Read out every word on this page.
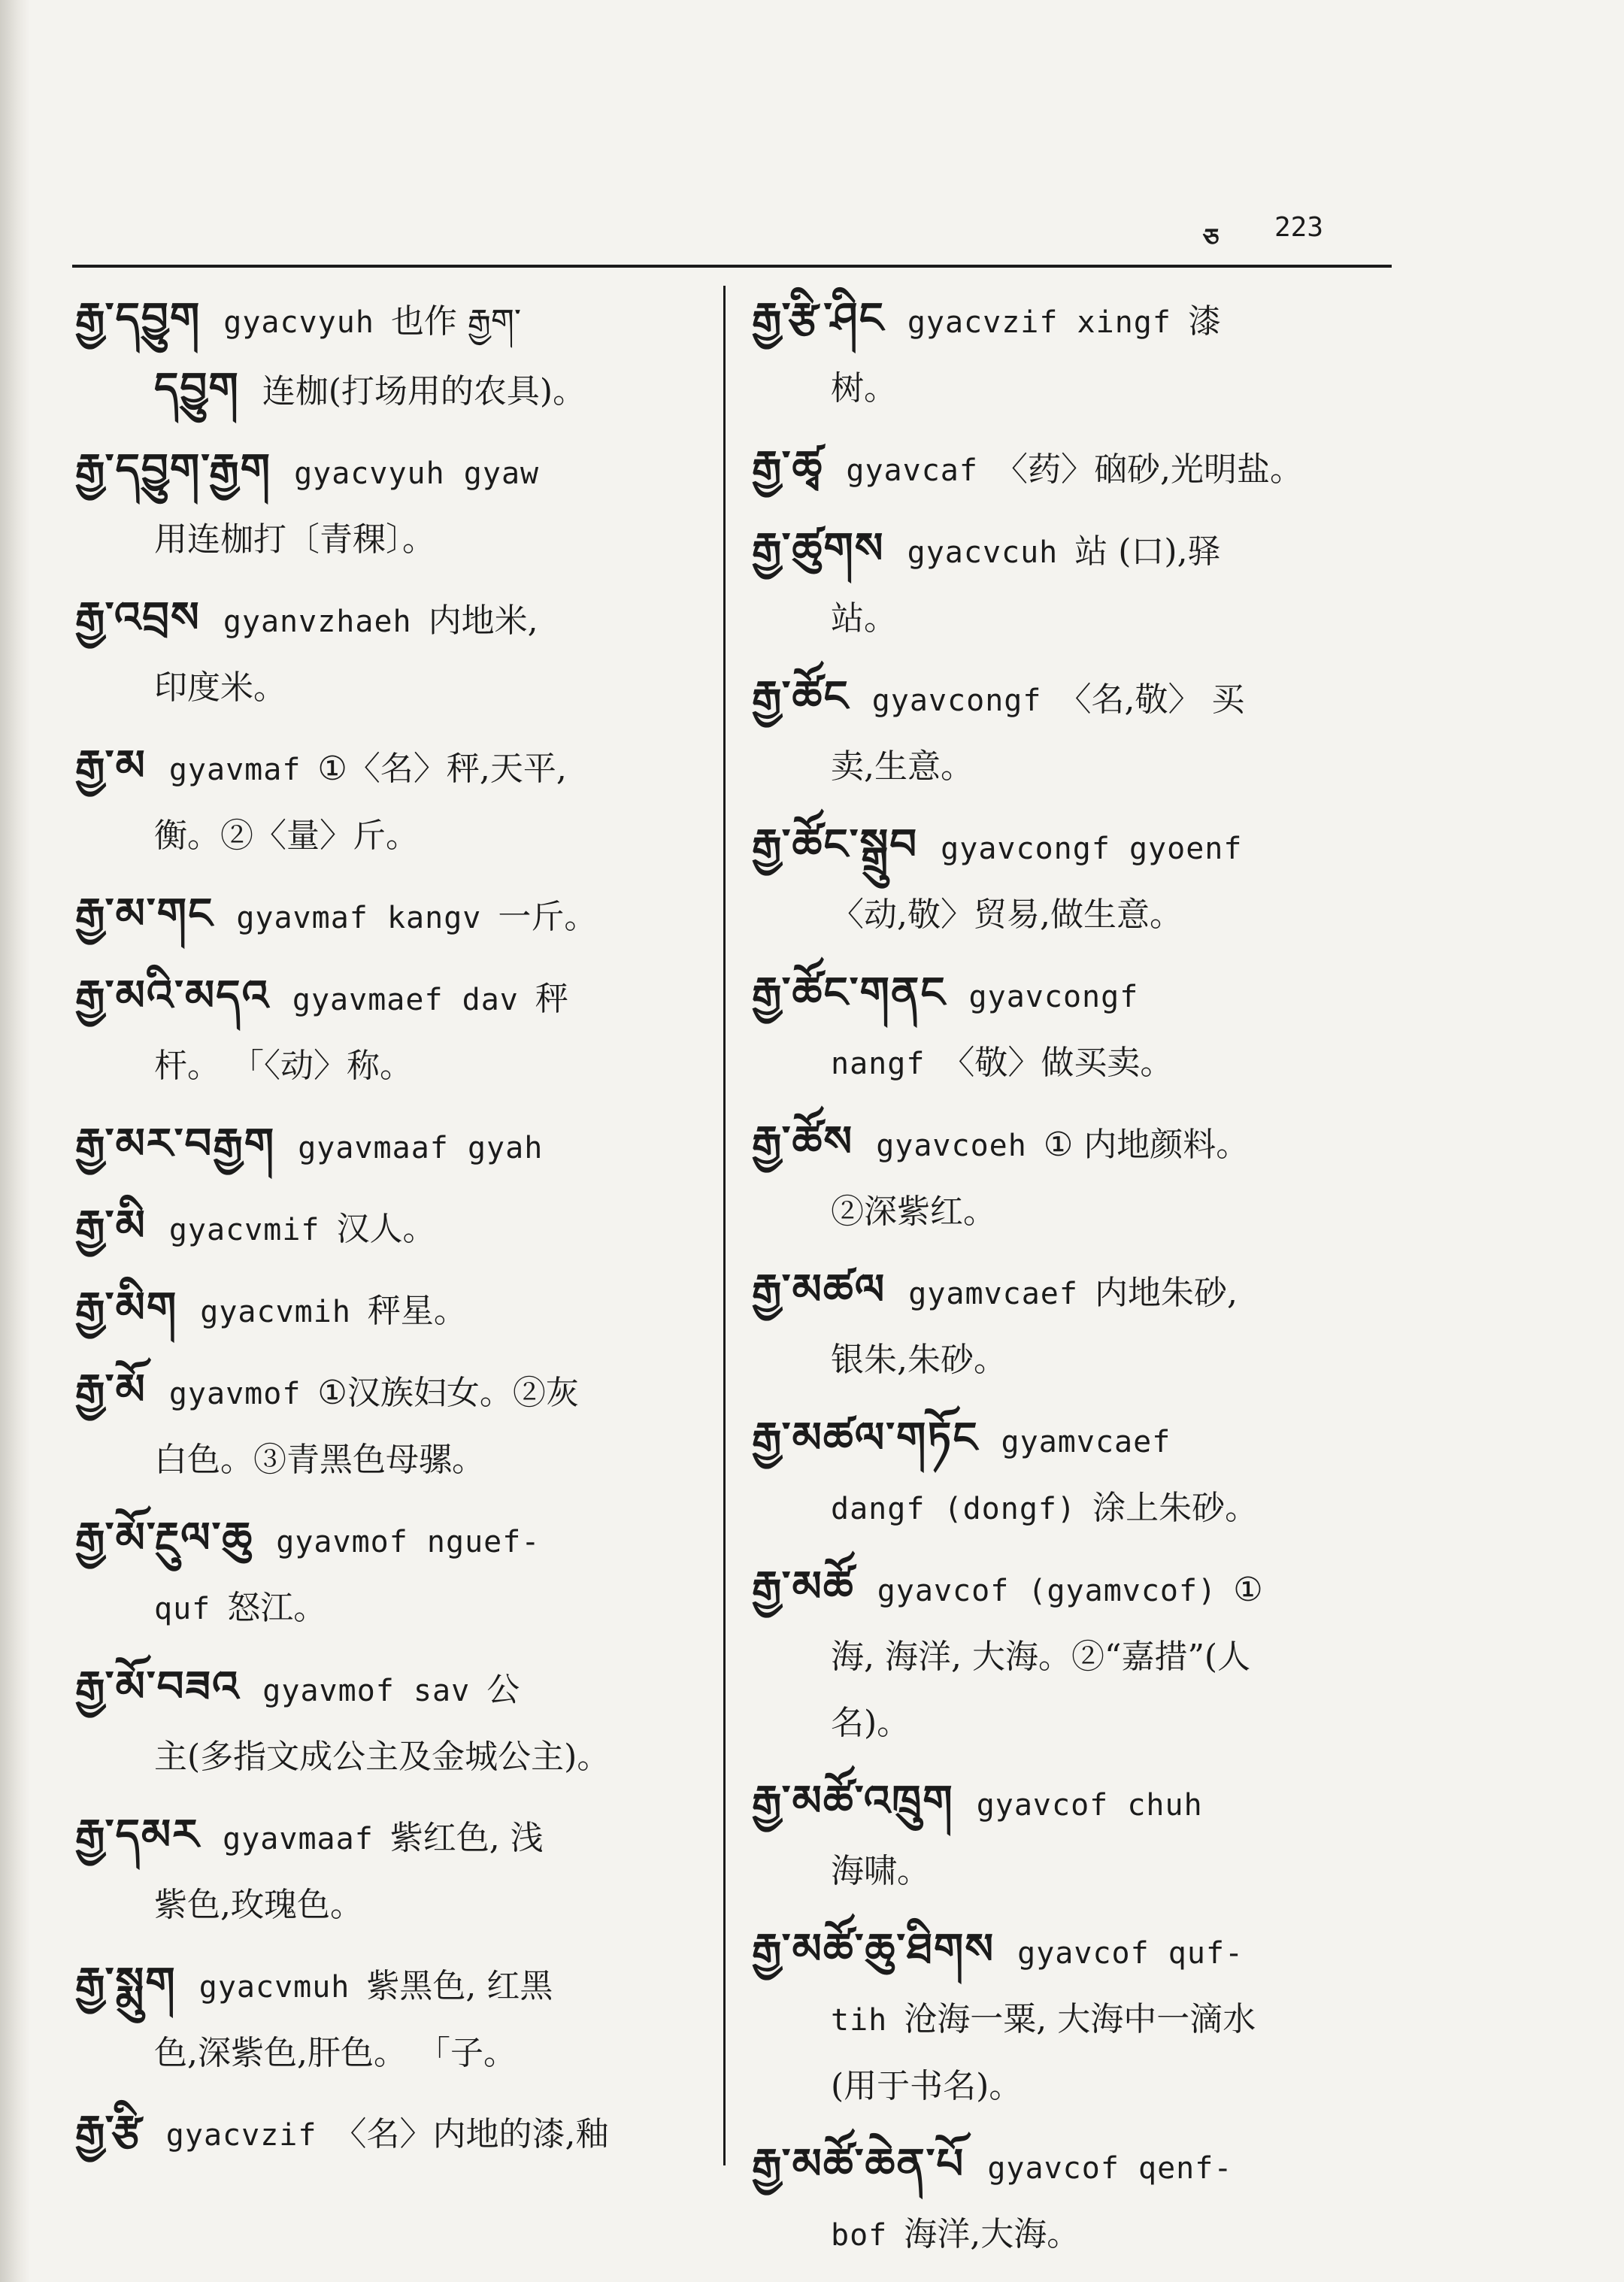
ཅ 223
རྒྱ་དབྱུག gyacvyuh 也作 རྒྱག་
དབྱུག 连枷(打场用的农具)。
རྒྱ་དབྱུག་རྒྱག gyacvyuh gyaw
用连枷打〔青稞〕。
རྒྱ་འབྲས gyanvzhaeh 内地米,
印度米。
རྒྱ་མ gyavmaf ①〈名〉秤,天平,
衡。②〈量〉斤。
རྒྱ་མ་གང gyavmaf kangv 一斤。
རྒྱ་མའི་མདའ gyavmaef dav 秤
杆。 「〈动〉称。
རྒྱ་མར་བརྒྱག gyavmaaf gyah
རྒྱ་མི gyacvmif 汉人。
རྒྱ་མིག gyacvmih 秤星。
རྒྱ་མོ gyavmof ①汉族妇女。②灰
白色。③青黑色母骡。
རྒྱ་མོ་རྔུལ་ཆུ gyavmof nguef-
quf 怒江。
རྒྱ་མོ་བཟའ gyavmof sav 公
主(多指文成公主及金城公主)。
རྒྱ་དམར gyavmaaf 紫红色, 浅
紫色,玫瑰色。
རྒྱ་སྨུག gyacvmuh 紫黑色, 红黑
色,深紫色,肝色。 「子。
རྒྱ་རྩི gyacvzif 〈名〉内地的漆,釉
རྒྱ་རྩི་ཤིང gyacvzif xingf 漆
树。
རྒྱ་ཚྭ gyavcaf 〈药〉硇砂,光明盐。
རྒྱ་ཚུགས gyacvcuh 站 (口),驿
站。
རྒྱ་ཚོང gyavcongf 〈名,敬〉 买
卖,生意。
རྒྱ་ཚོང་སྒྲུབ gyavcongf gyoenf
〈动,敬〉贸易,做生意。
རྒྱ་ཚོང་གནང gyavcongf
nangf 〈敬〉做买卖。
རྒྱ་ཚོས gyavcoeh ① 内地颜料。
②深紫红。
རྒྱ་མཚལ gyamvcaef 内地朱砂,
银朱,朱砂。
རྒྱ་མཚལ་གཏོང gyamvcaef
dangf (dongf) 涂上朱砂。
རྒྱ་མཚོ gyavcof (gyamvcof) ①
海, 海洋, 大海。②“嘉措”(人
名)。
རྒྱ་མཚོ་འཁྲུག gyavcof chuh
海啸。
རྒྱ་མཚོ་ཆུ་ཐིགས gyavcof quf-
tih 沧海一粟, 大海中一滴水
(用于书名)。
རྒྱ་མཚོ་ཆེན་པོ gyavcof qenf-
bof 海洋,大海。
